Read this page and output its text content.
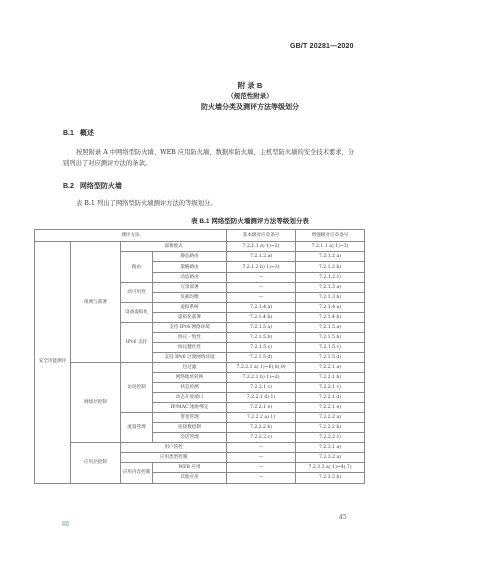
GB/T 20281—2020
附 录 B
（规范性附录）
防火墙分类及测评方法等级划分
B.1 概述
按照附录 A 中网络型防火墙、WEB 应用防火墙、数据库防火墙、主机型防火墙的安全技术要求，分
别列出了对应测评方法的条款。
B.2 网络型防火墙
表 B.1 列出了网络型防火墙测评方法的等级划分。
表 B.1 网络型防火墙测评方法等级划分表
测评方法				基本级对应章条号	增强级对应章条号
安全功能测评	组网与部署	部署模式		7.2.1.1 a) 1)~2)	7.2.1.1 a) 1)~3)
		路由	静态路由	7.2.1.2 a)	7.2.1.2 a)
			策略路由	7.2.1.2 b) 1)~3)	7.2.1.2 b)
			动态路由	—	7.2.1.2 c)
		高可用性	冗余部署	—	7.2.1.3 a)
			负载均衡	—	7.2.1.3 b)
		设备虚拟化	虚拟系统	7.2.1.4 a)	7.2.1.4 a)
			虚拟化部署	7.2.1.4 b)	7.2.1.4 b)
		IPv6 支持	支持 IPv6 网络环境	7.2.1.5 a)	7.2.1.5 a)
			协议一致性	7.2.1.5 b)	7.2.1.5 b)
			协议健壮性	7.2.1.5 c)	7.2.1.5 c)
			支持 IPv6 过渡网络环境	7.2.1.5 d)	7.2.1.5 d)
	网络层控制	访问控制	包过滤	7.2.2.1 a) 1)~6),8),9)	7.2.2.1 a)
			网络地址转换	7.2.2.1 b) 1)~2)	7.2.2.1 b)
			状态检测	7.2.2.1 c)	7.2.2.1 c)
			动态开放端口	7.2.2.1 d) 1)	7.2.2.1 d)
			IP/MAC 地址绑定	7.2.2.1 e)	7.2.2.1 e)
		流量管理	带宽管理	7.2.2.2 a) 1)	7.2.2.2 a)
			连接数控制	7.2.2.2 b)	7.2.2.2 b)
			会话管理	7.2.2.2 c)	7.2.2.2 c)
	应用层控制	用户管控		—	7.2.3.1 a)
		应用类型控制		—	7.2.3.2 a)
		应用内容控制	WEB 应用	—	7.2.3.3 a) 1)~4),7)
			其他应用	—	7.2.3.3 b)
45
